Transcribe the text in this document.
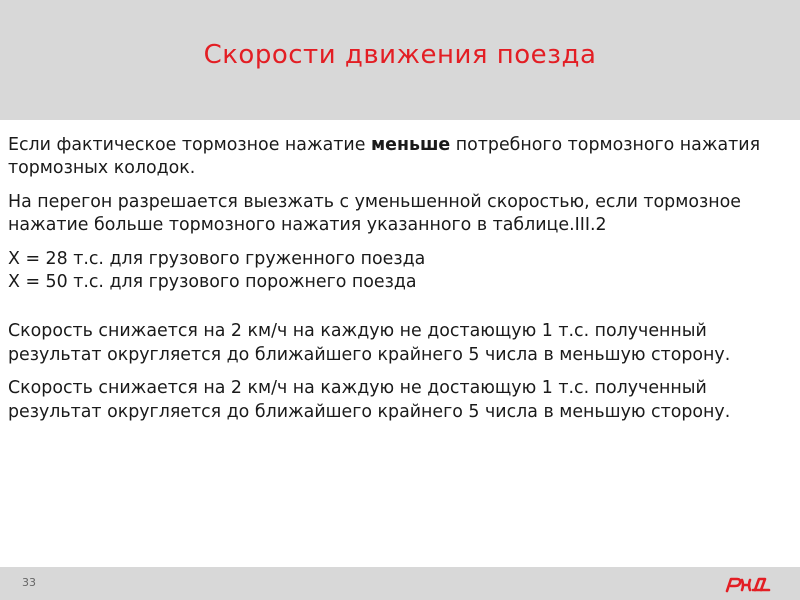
Скорости движения поезда

Если фактическое тормозное нажатие меньше потребного тормозного нажатия тормозных колодок.

На перегон разрешается выезжать с уменьшенной скоростью, если тормозное нажатие больше тормозного нажатия указанного в таблице.III.2

X = 28 т.с. для грузового груженного поезда
X = 50 т.с. для грузового порожнего поезда

Скорость снижается на 2 км/ч на каждую не достающую 1 т.с. полученный результат округляется до ближайшего крайнего 5 числа в меньшую сторону.

Скорость снижается на 2 км/ч на каждую не достающую 1 т.с. полученный результат округляется до ближайшего крайнего 5 числа в меньшую сторону.

33
